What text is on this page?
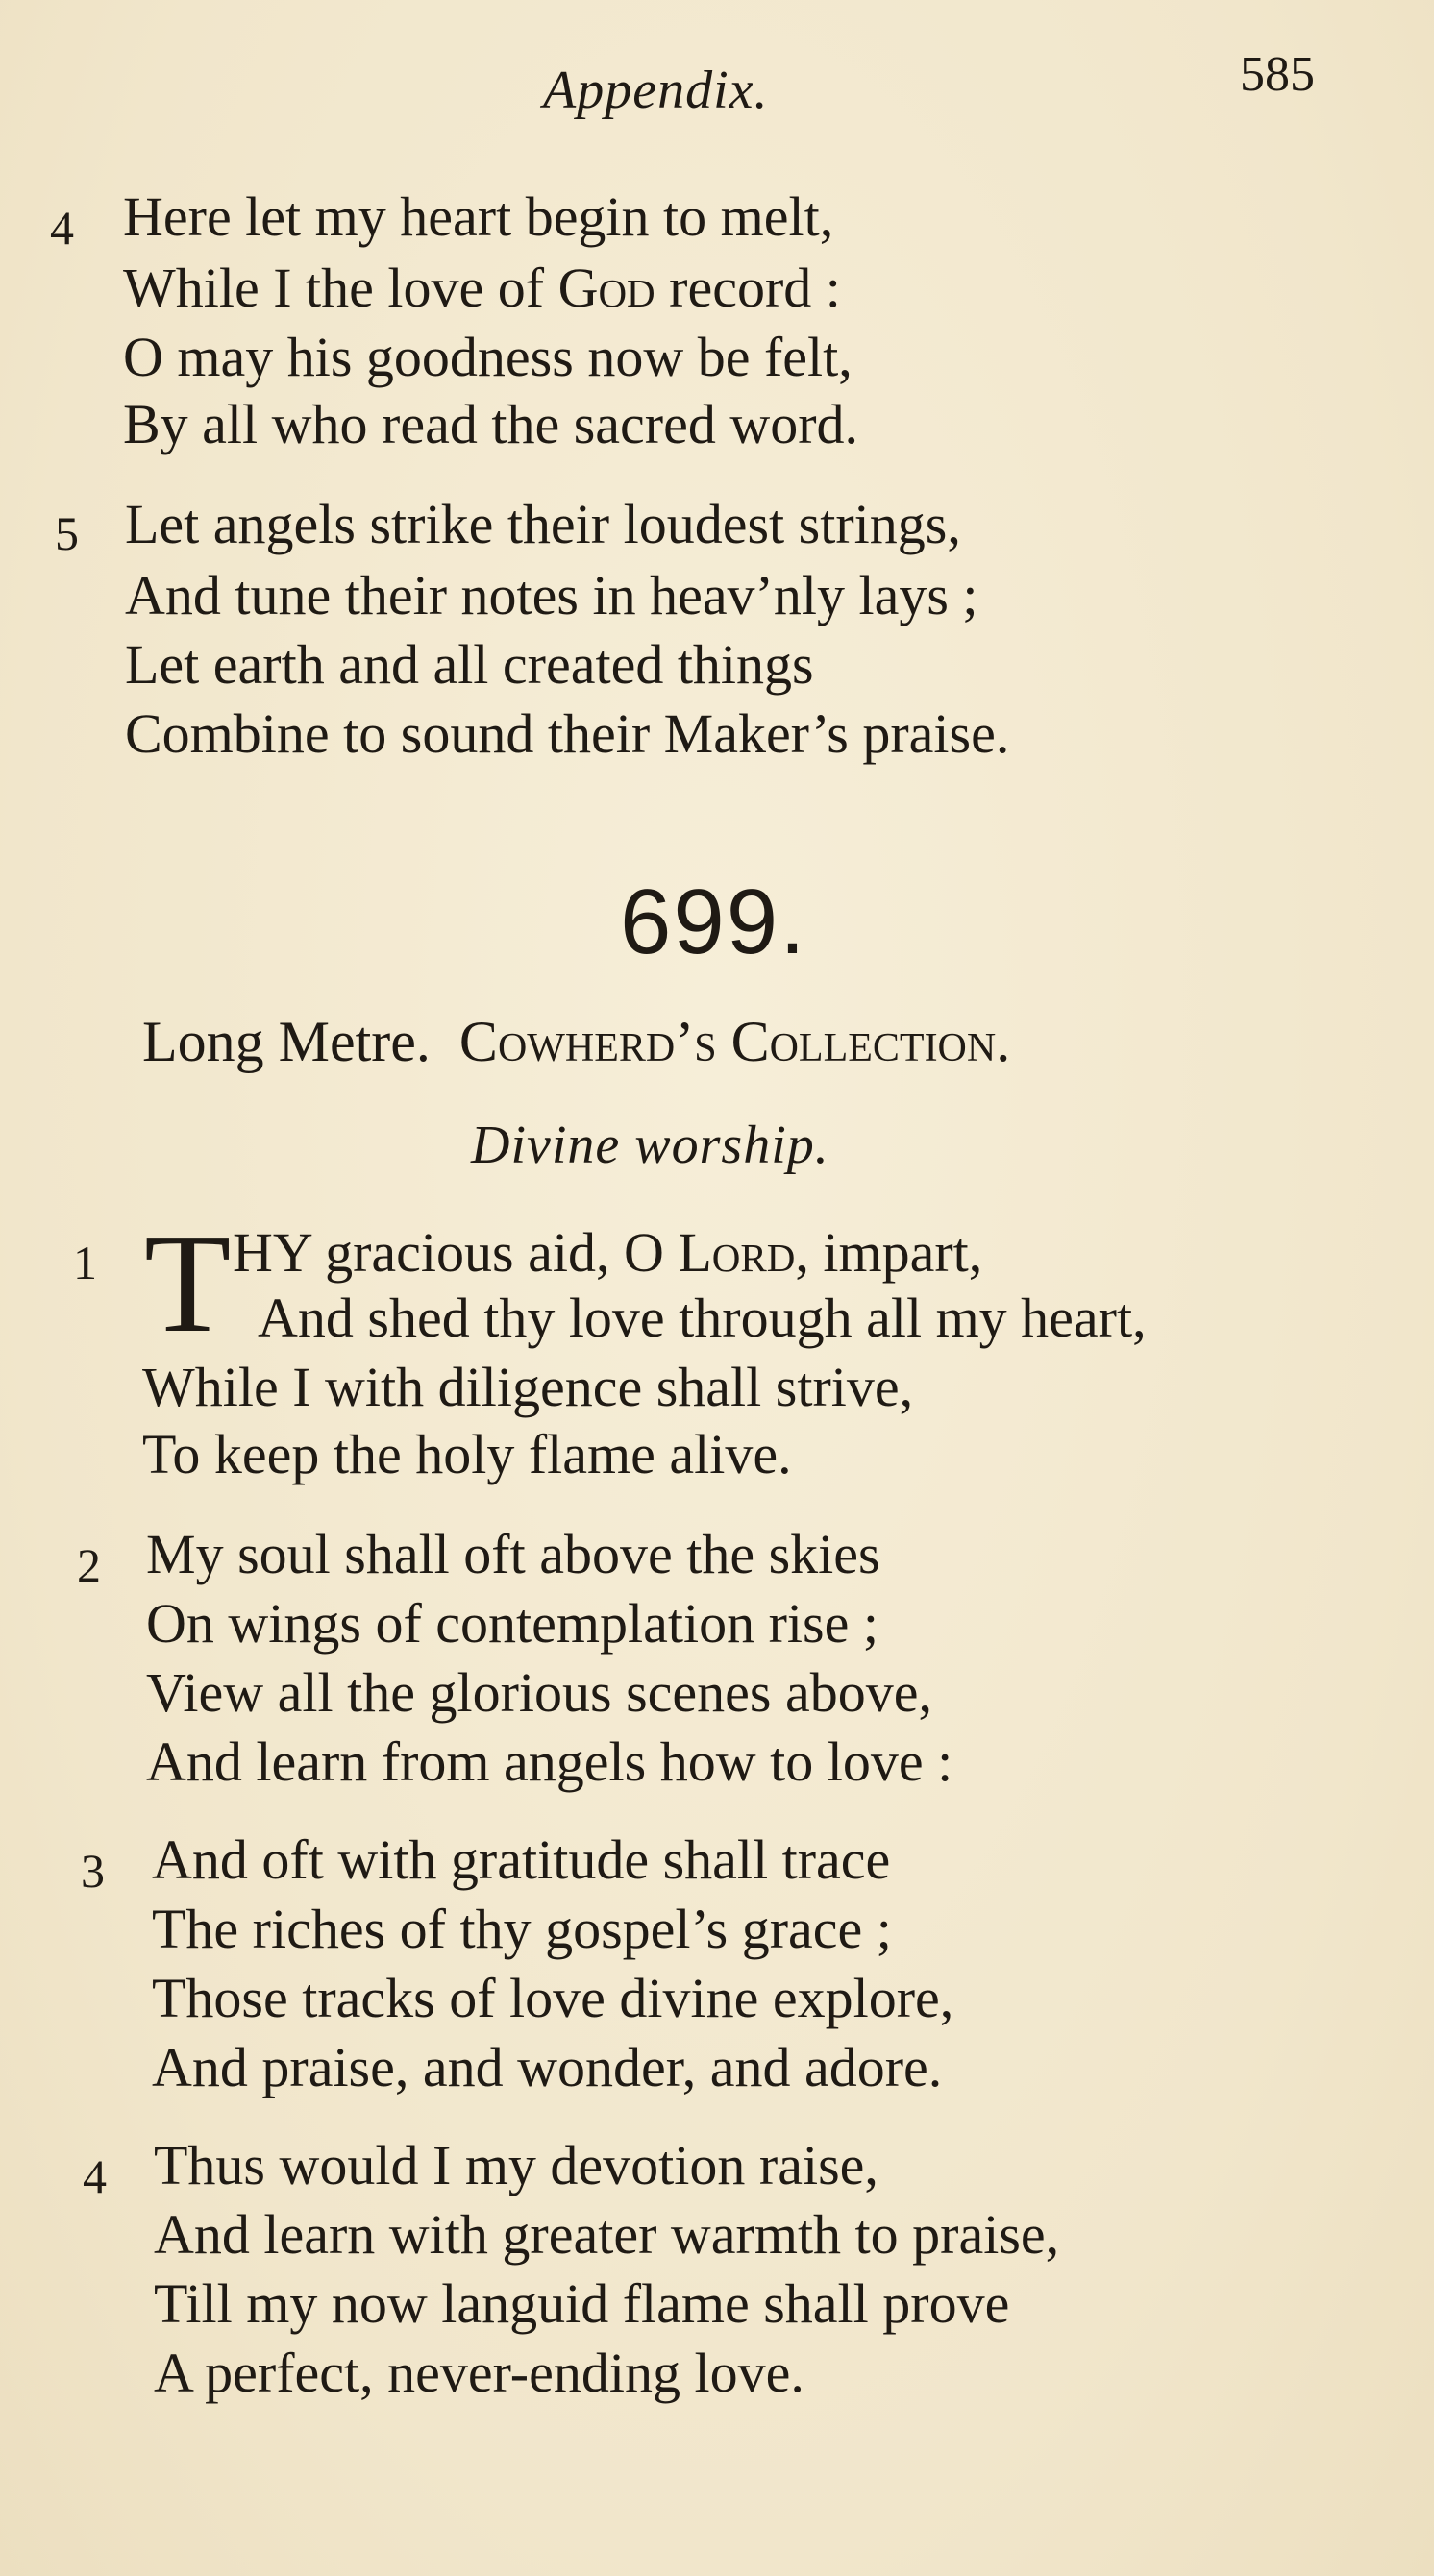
Appendix.	585
4 Here let my heart begin to melt,
While I the love of God record :
O may his goodness now be felt,
By all who read the sacred word.
5 Let angels strike their loudest strings,
And tune their notes in heav’nly lays ;
Let earth and all created things
Combine to sound their Maker’s praise.
699.
Long Metre. Cowherd’s Collection.
Divine worship.
1 T HY gracious aid, O Lord, impart,
And shed thy love through all my heart,
While I with diligence shall strive,
To keep the holy flame alive.
2 My soul shall oft above the skies
On wings of contemplation rise ;
View all the glorious scenes above,
And learn from angels how to love :
3 And oft with gratitude shall trace
The riches of thy gospel’s grace ;
Those tracks of love divine explore,
And praise, and wonder, and adore.
4 Thus would I my devotion raise,
And learn with greater warmth to praise,
Till my now languid flame shall prove
A perfect, never-ending love.
